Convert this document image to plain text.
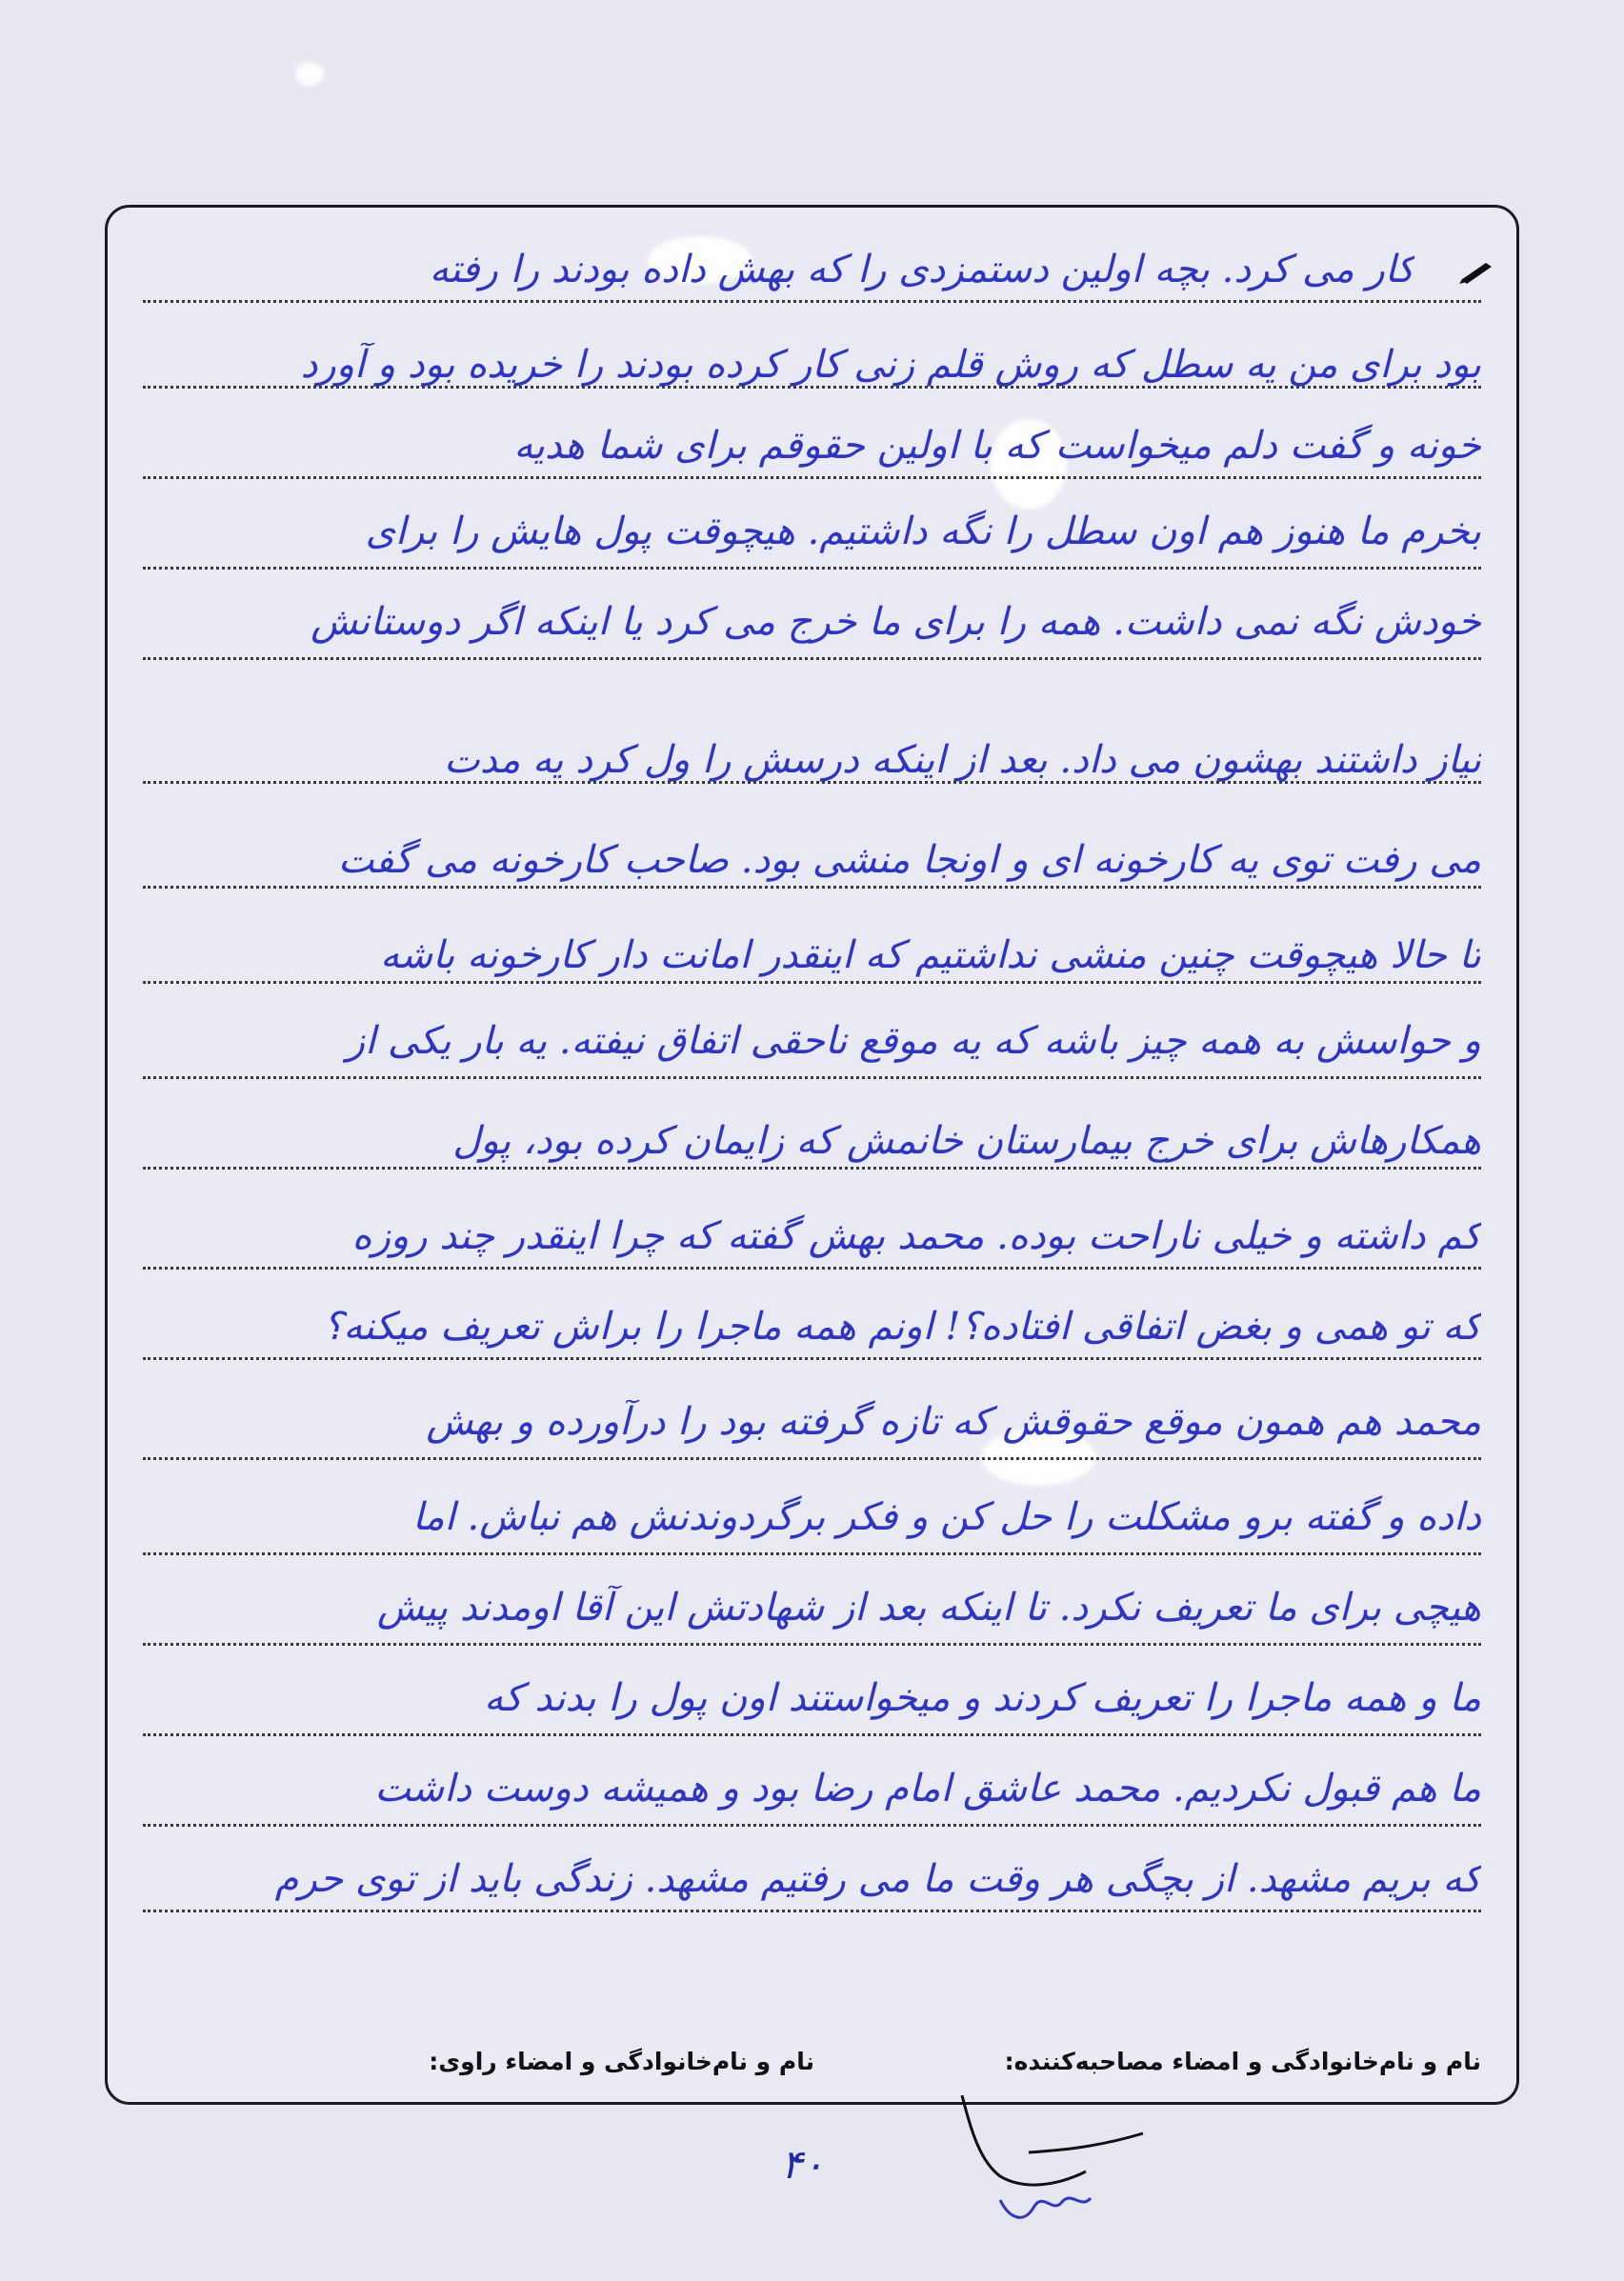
کار می کرد. بچه اولین دستمزدی را که بهش داده بودند را رفته
بود برای من یه سطل که روش قلم زنی کار کرده بودند را خریده بود و آورد
خونه و گفت دلم میخواست که با اولین حقوقم برای شما هدیه
بخرم ما هنوز هم اون سطل را نگه داشتیم. هیچوقت پول هایش را برای
خودش نگه نمی داشت. همه را برای ما خرج می کرد یا اینکه اگر دوستانش
نیاز داشتند بهشون می داد. بعد از اینکه درسش را ول کرد یه مدت
می رفت توی یه کارخونه ای و اونجا منشی بود. صاحب کارخونه می گفت
تا حالا هیچوقت چنین منشی نداشتیم که اینقدر امانت دار کارخونه باشه
و حواسش به همه چیز باشه که یه موقع ناحقی اتفاق نیفته. یه بار یکی از
همکارهاش برای خرج بیمارستان خانمش که زایمان کرده بود، پول
کم داشته و خیلی ناراحت بوده. محمد بهش گفته که چرا اینقدر چند روزه
که تو همی و بغض اتفاقی افتاده؟! اونم همه ماجرا را براش تعریف میکنه؟
محمد هم همون موقع حقوقش که تازه گرفته بود را درآورده و بهش
داده و گفته برو مشکلت را حل کن و فکر برگردوندنش هم نباش. اما
هیچی برای ما تعریف نکرد. تا اینکه بعد از شهادتش این آقا اومدند پیش
ما و همه ماجرا را تعریف کردند و میخواستند اون پول را بدند که
ما هم قبول نکردیم. محمد عاشق امام رضا بود و همیشه دوست داشت
که بریم مشهد. از بچگی هر وقت ما می رفتیم مشهد. زندگی باید از توی حرم
نام و نام‌خانوادگی و امضاء مصاحبه‌کننده:
نام و نام‌خانوادگی و امضاء راوی:
۴۰
